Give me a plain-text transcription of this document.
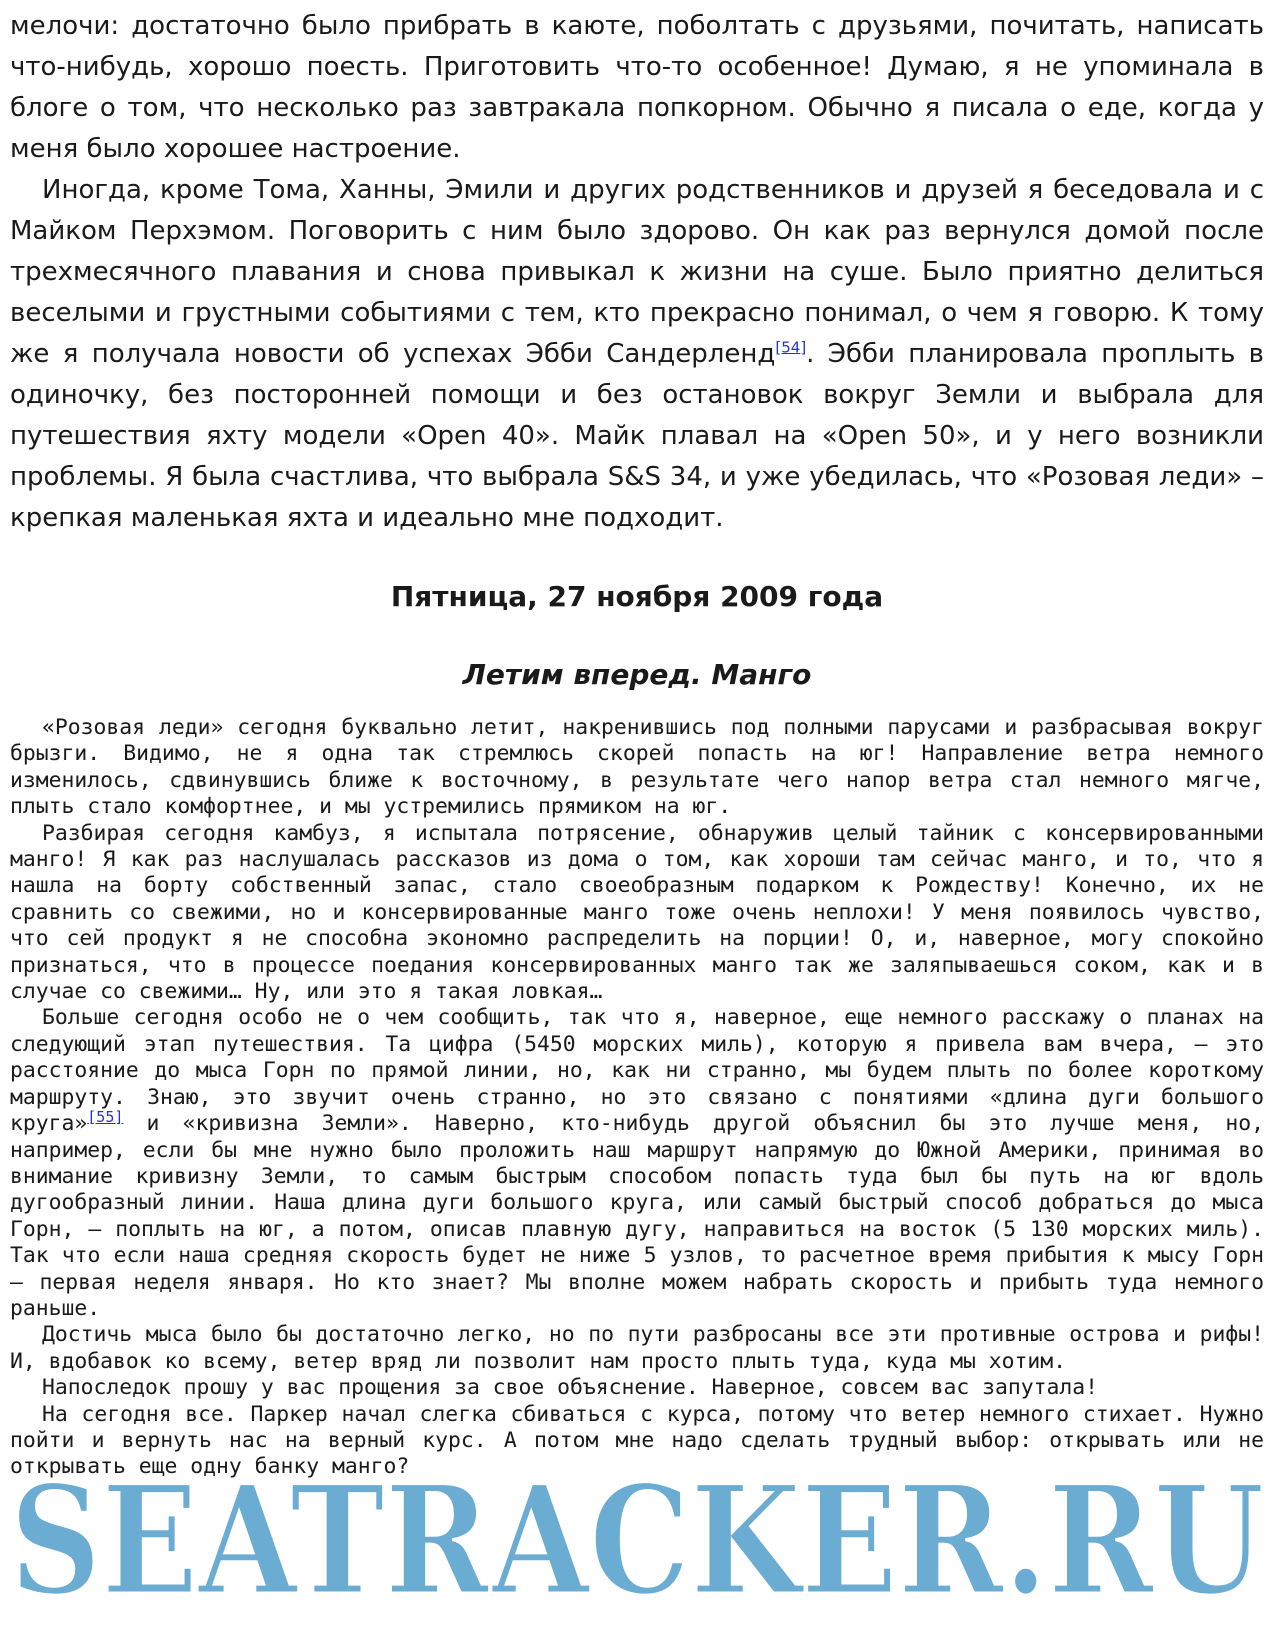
мелочи: достаточно было прибрать в каюте, поболтать с друзьями, почитать, написать что-нибудь, хорошо поесть. Приготовить что-то особенное! Думаю, я не упоминала в блоге о том, что несколько раз завтракала попкорном. Обычно я писала о еде, когда у меня было хорошее настроение.

Иногда, кроме Тома, Ханны, Эмили и других родственников и друзей я беседовала и с Майком Перхэмом. Поговорить с ним было здорово. Он как раз вернулся домой после трехмесячного плавания и снова привыкал к жизни на суше. Было приятно делиться веселыми и грустными событиями с тем, кто прекрасно понимал, о чем я говорю. К тому же я получала новости об успехах Эбби Сандерленд[54]. Эбби планировала проплыть в одиночку, без посторонней помощи и без остановок вокруг Земли и выбрала для путешествия яхту модели «Open 40». Майк плавал на «Open 50», и у него возникли проблемы. Я была счастлива, что выбрала S&S 34, и уже убедилась, что «Розовая леди» – крепкая маленькая яхта и идеально мне подходит.

Пятница, 27 ноября 2009 года
Летим вперед. Манго

«Розовая леди» сегодня буквально летит, накренившись под полными парусами и разбрасывая вокруг брызги. Видимо, не я одна так стремлюсь скорей попасть на юг! Направление ветра немного изменилось, сдвинувшись ближе к восточному, в результате чего напор ветра стал немного мягче, плыть стало комфортнее, и мы устремились прямиком на юг.

Разбирая сегодня камбуз, я испытала потрясение, обнаружив целый тайник с консервированными манго! Я как раз наслушалась рассказов из дома о том, как хороши там сейчас манго, и то, что я нашла на борту собственный запас, стало своеобразным подарком к Рождеству! Конечно, их не сравнить со свежими, но и консервированные манго тоже очень неплохи! У меня появилось чувство, что сей продукт я не способна экономно распределить на порции! О, и, наверное, могу спокойно признаться, что в процессе поедания консервированных манго так же заляпываешься соком, как и в случае со свежими… Ну, или это я такая ловкая…

Больше сегодня особо не о чем сообщить, так что я, наверное, еще немного расскажу о планах на следующий этап путешествия. Та цифра (5450 морских миль), которую я привела вам вчера, – это расстояние до мыса Горн по прямой линии, но, как ни странно, мы будем плыть по более короткому маршруту. Знаю, это звучит очень странно, но это связано с понятиями «длина дуги большого круга»[55] и «кривизна Земли». Наверно, кто-нибудь другой объяснил бы это лучше меня, но, например, если бы мне нужно было проложить наш маршрут напрямую до Южной Америки, принимая во внимание кривизну Земли, то самым быстрым способом попасть туда был бы путь на юг вдоль дугообразный линии. Наша длина дуги большого круга, или самый быстрый способ добраться до мыса Горн, – поплыть на юг, а потом, описав плавную дугу, направиться на восток (5 130 морских миль). Так что если наша средняя скорость будет не ниже 5 узлов, то расчетное время прибытия к мысу Горн – первая неделя января. Но кто знает? Мы вполне можем набрать скорость и прибыть туда немного раньше.

Достичь мыса было бы достаточно легко, но по пути разбросаны все эти противные острова и рифы! И, вдобавок ко всему, ветер вряд ли позволит нам просто плыть туда, куда мы хотим.

Напоследок прошу у вас прощения за свое объяснение. Наверное, совсем вас запутала!

На сегодня все. Паркер начал слегка сбиваться с курса, потому что ветер немного стихает. Нужно пойти и вернуть нас на верный курс. А потом мне надо сделать трудный выбор: открывать или не открывать еще одну банку манго?

SEATRACKER.RU
